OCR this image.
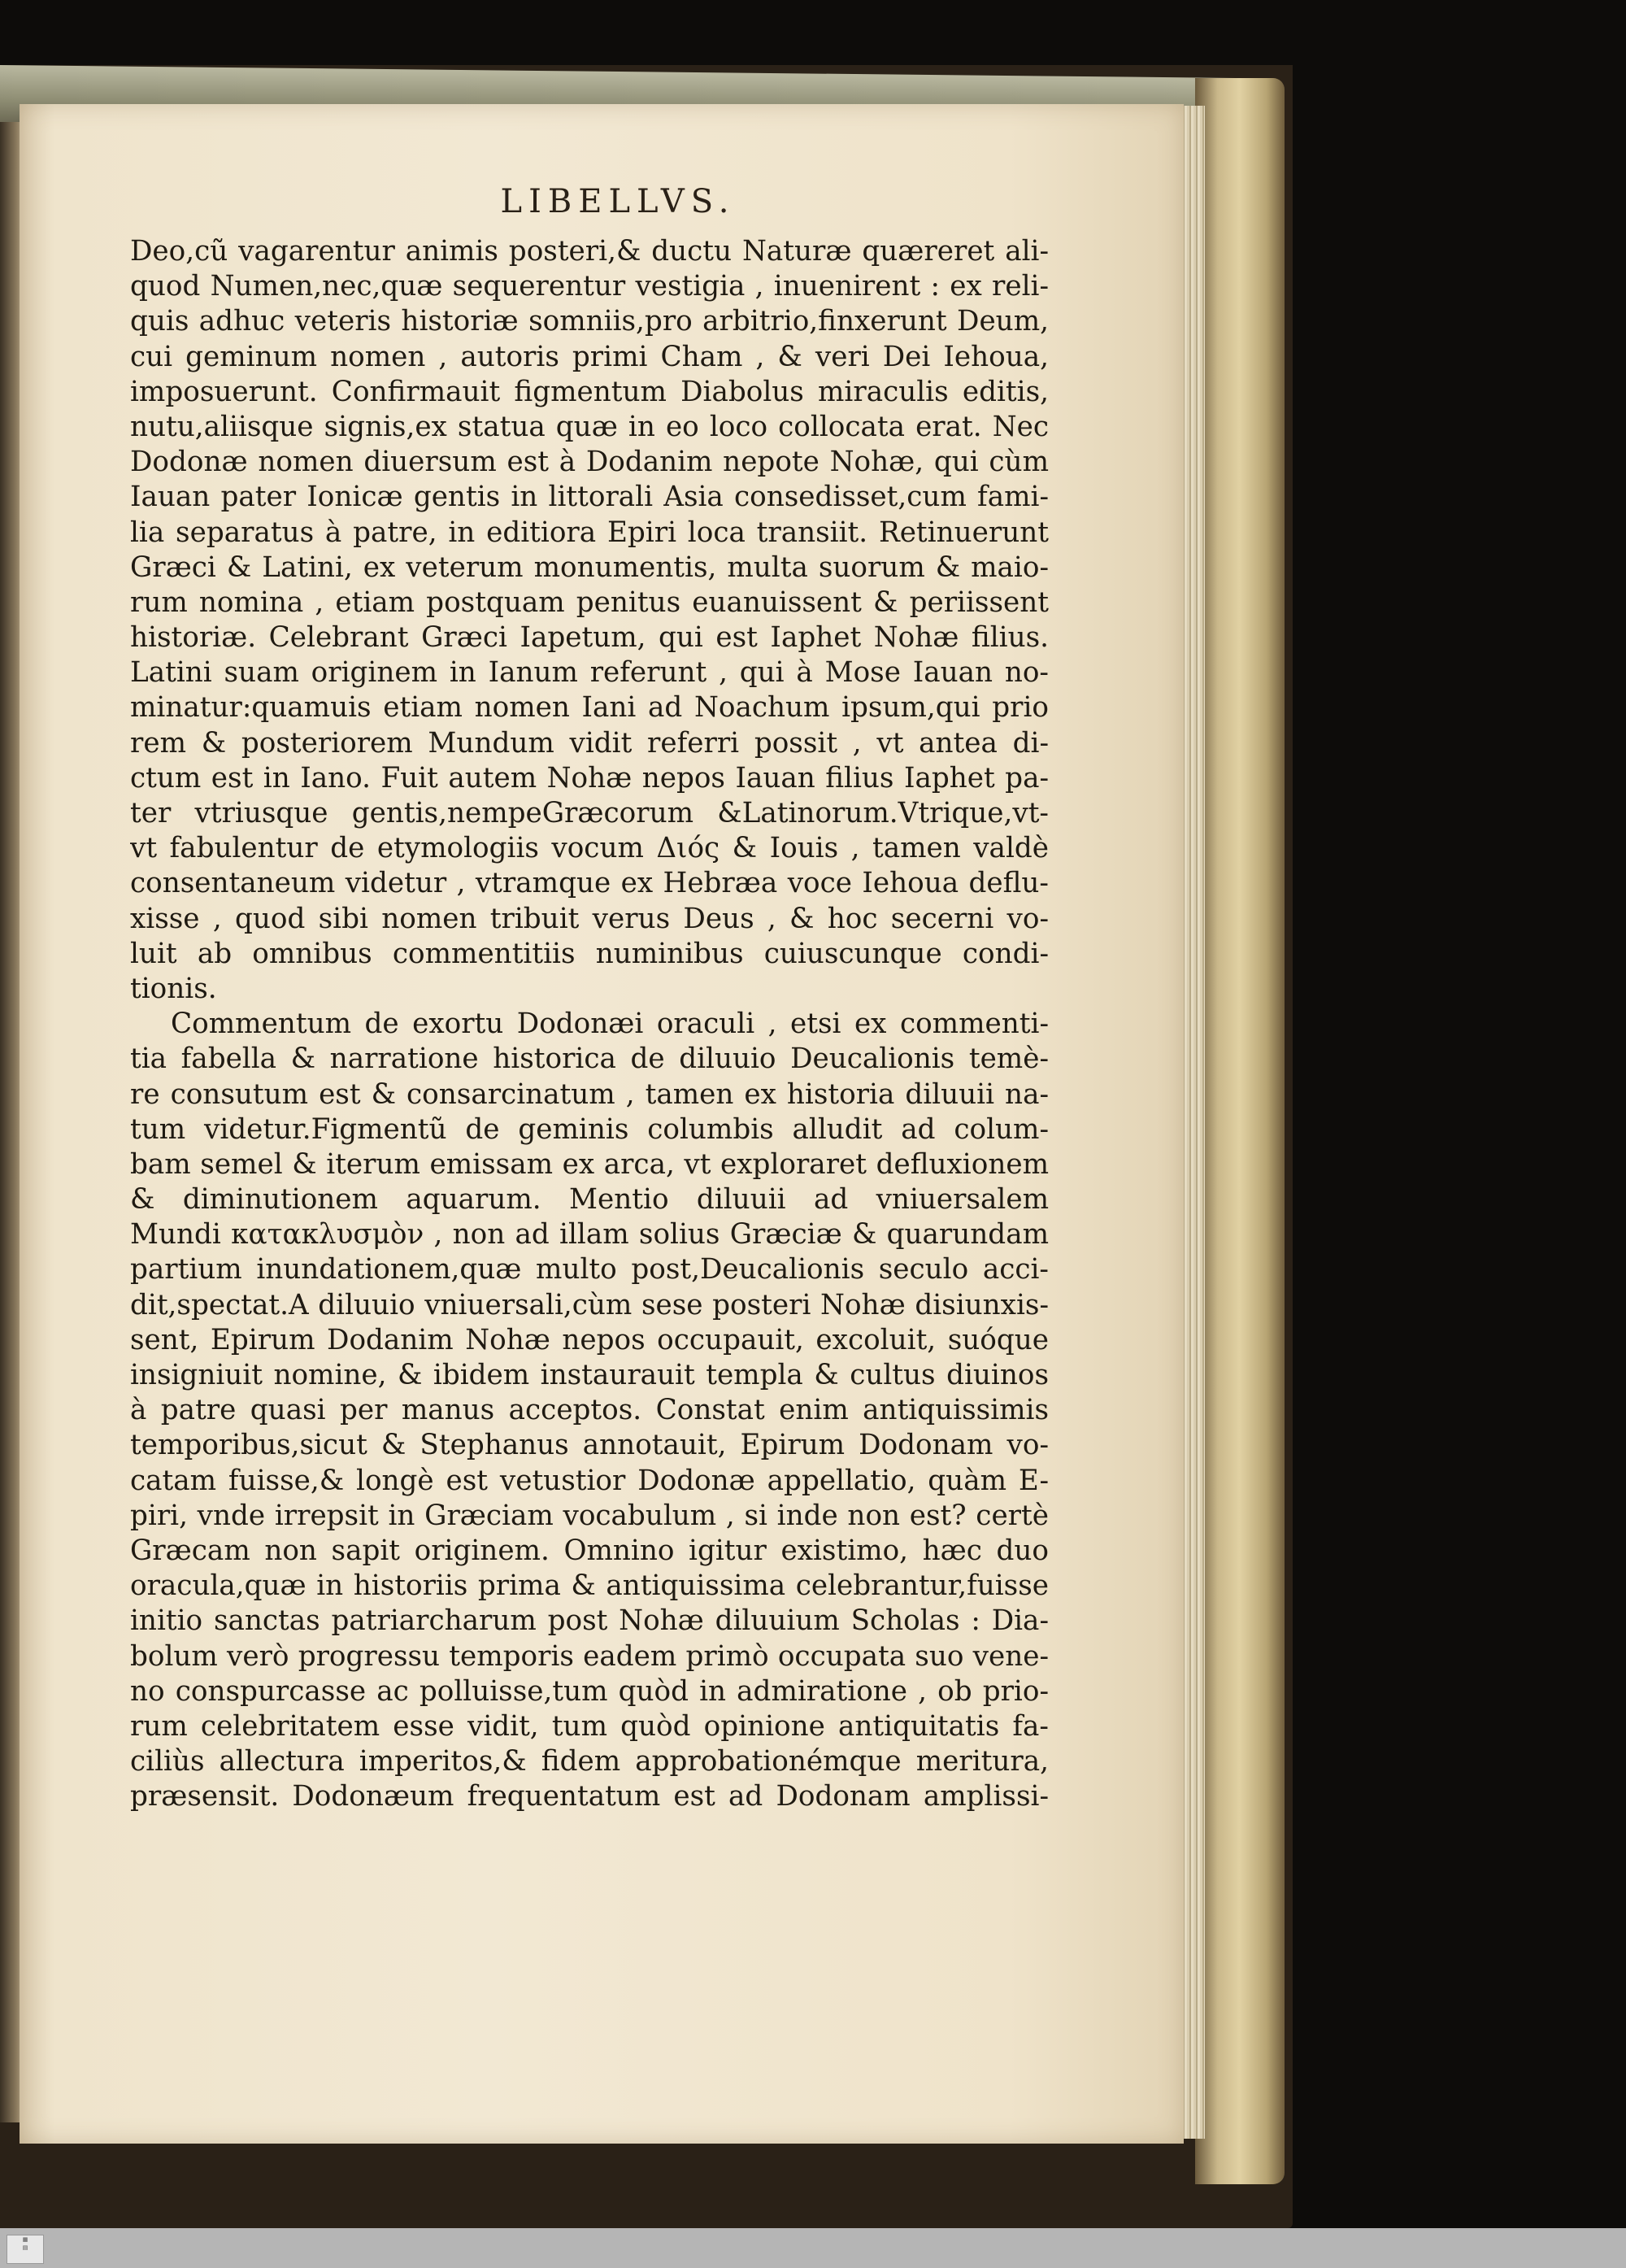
LIBELLVS.
Deo,cũ vagarentur animis posteri,& ductu Naturæ quæreret ali-
quod Numen,nec,quæ sequerentur vestigia , inuenirent : ex reli-
quis adhuc veteris historiæ somniis,pro arbitrio,finxerunt Deum,
cui geminum nomen , autoris primi Cham , & veri Dei Iehoua,
imposuerunt. Confirmauit figmentum Diabolus miraculis editis,
nutu,aliisque signis,ex statua quæ in eo loco collocata erat. Nec
Dodonæ nomen diuersum est à Dodanim nepote Nohæ, qui cùm
Iauan pater Ionicæ gentis in littorali Asia consedisset,cum fami-
lia separatus à patre, in editiora Epiri loca transiit. Retinuerunt
Græci & Latini, ex veterum monumentis, multa suorum & maio-
rum nomina , etiam postquam penitus euanuissent & periissent
historiæ. Celebrant Græci Iapetum, qui est Iaphet Nohæ filius.
Latini suam originem in Ianum referunt , qui à Mose Iauan no-
minatur:quamuis etiam nomen Iani ad Noachum ipsum,qui prio
rem & posteriorem Mundum vidit referri possit , vt antea di-
ctum est in Iano. Fuit autem Nohæ nepos Iauan filius Iaphet pa-
ter vtriusque gentis,nempeGræcorum &Latinorum.Vtrique,vt-
vt fabulentur de etymologiis vocum Διός & Iouis , tamen valdè
consentaneum videtur , vtramque ex Hebræa voce Iehoua deflu-
xisse , quod sibi nomen tribuit verus Deus , & hoc secerni vo-
luit ab omnibus commentitiis numinibus cuiuscunque condi-
tionis.
Commentum de exortu Dodonæi oraculi , etsi ex commenti-
tia fabella & narratione historica de diluuio Deucalionis temè-
re consutum est & consarcinatum , tamen ex historia diluuii na-
tum videtur.Figmentũ de geminis columbis alludit ad colum-
bam semel & iterum emissam ex arca, vt exploraret defluxionem
& diminutionem aquarum. Mentio diluuii ad vniuersalem
Mundi κατακλυσμὸν , non ad illam solius Græciæ & quarundam
partium inundationem,quæ multo post,Deucalionis seculo acci-
dit,spectat.A diluuio vniuersali,cùm sese posteri Nohæ disiunxis-
sent, Epirum Dodanim Nohæ nepos occupauit, excoluit, suóque
insigniuit nomine, & ibidem instaurauit templa & cultus diuinos
à patre quasi per manus acceptos. Constat enim antiquissimis
temporibus,sicut & Stephanus annotauit, Epirum Dodonam vo-
catam fuisse,& longè est vetustior Dodonæ appellatio, quàm E-
piri, vnde irrepsit in Græciam vocabulum , si inde non est? certè
Græcam non sapit originem. Omnino igitur existimo, hæc duo
oracula,quæ in historiis prima & antiquissima celebrantur,fuisse
initio sanctas patriarcharum post Nohæ diluuium Scholas : Dia-
bolum verò progressu temporis eadem primò occupata suo vene-
no conspurcasse ac polluisse,tum quòd in admiratione , ob prio-
rum celebritatem esse vidit, tum quòd opinione antiquitatis fa-
ciliùs allectura imperitos,& fidem approbationémque meritura,
præsensit. Dodonæum frequentatum est ad Dodonam amplissi-
▦
▤
